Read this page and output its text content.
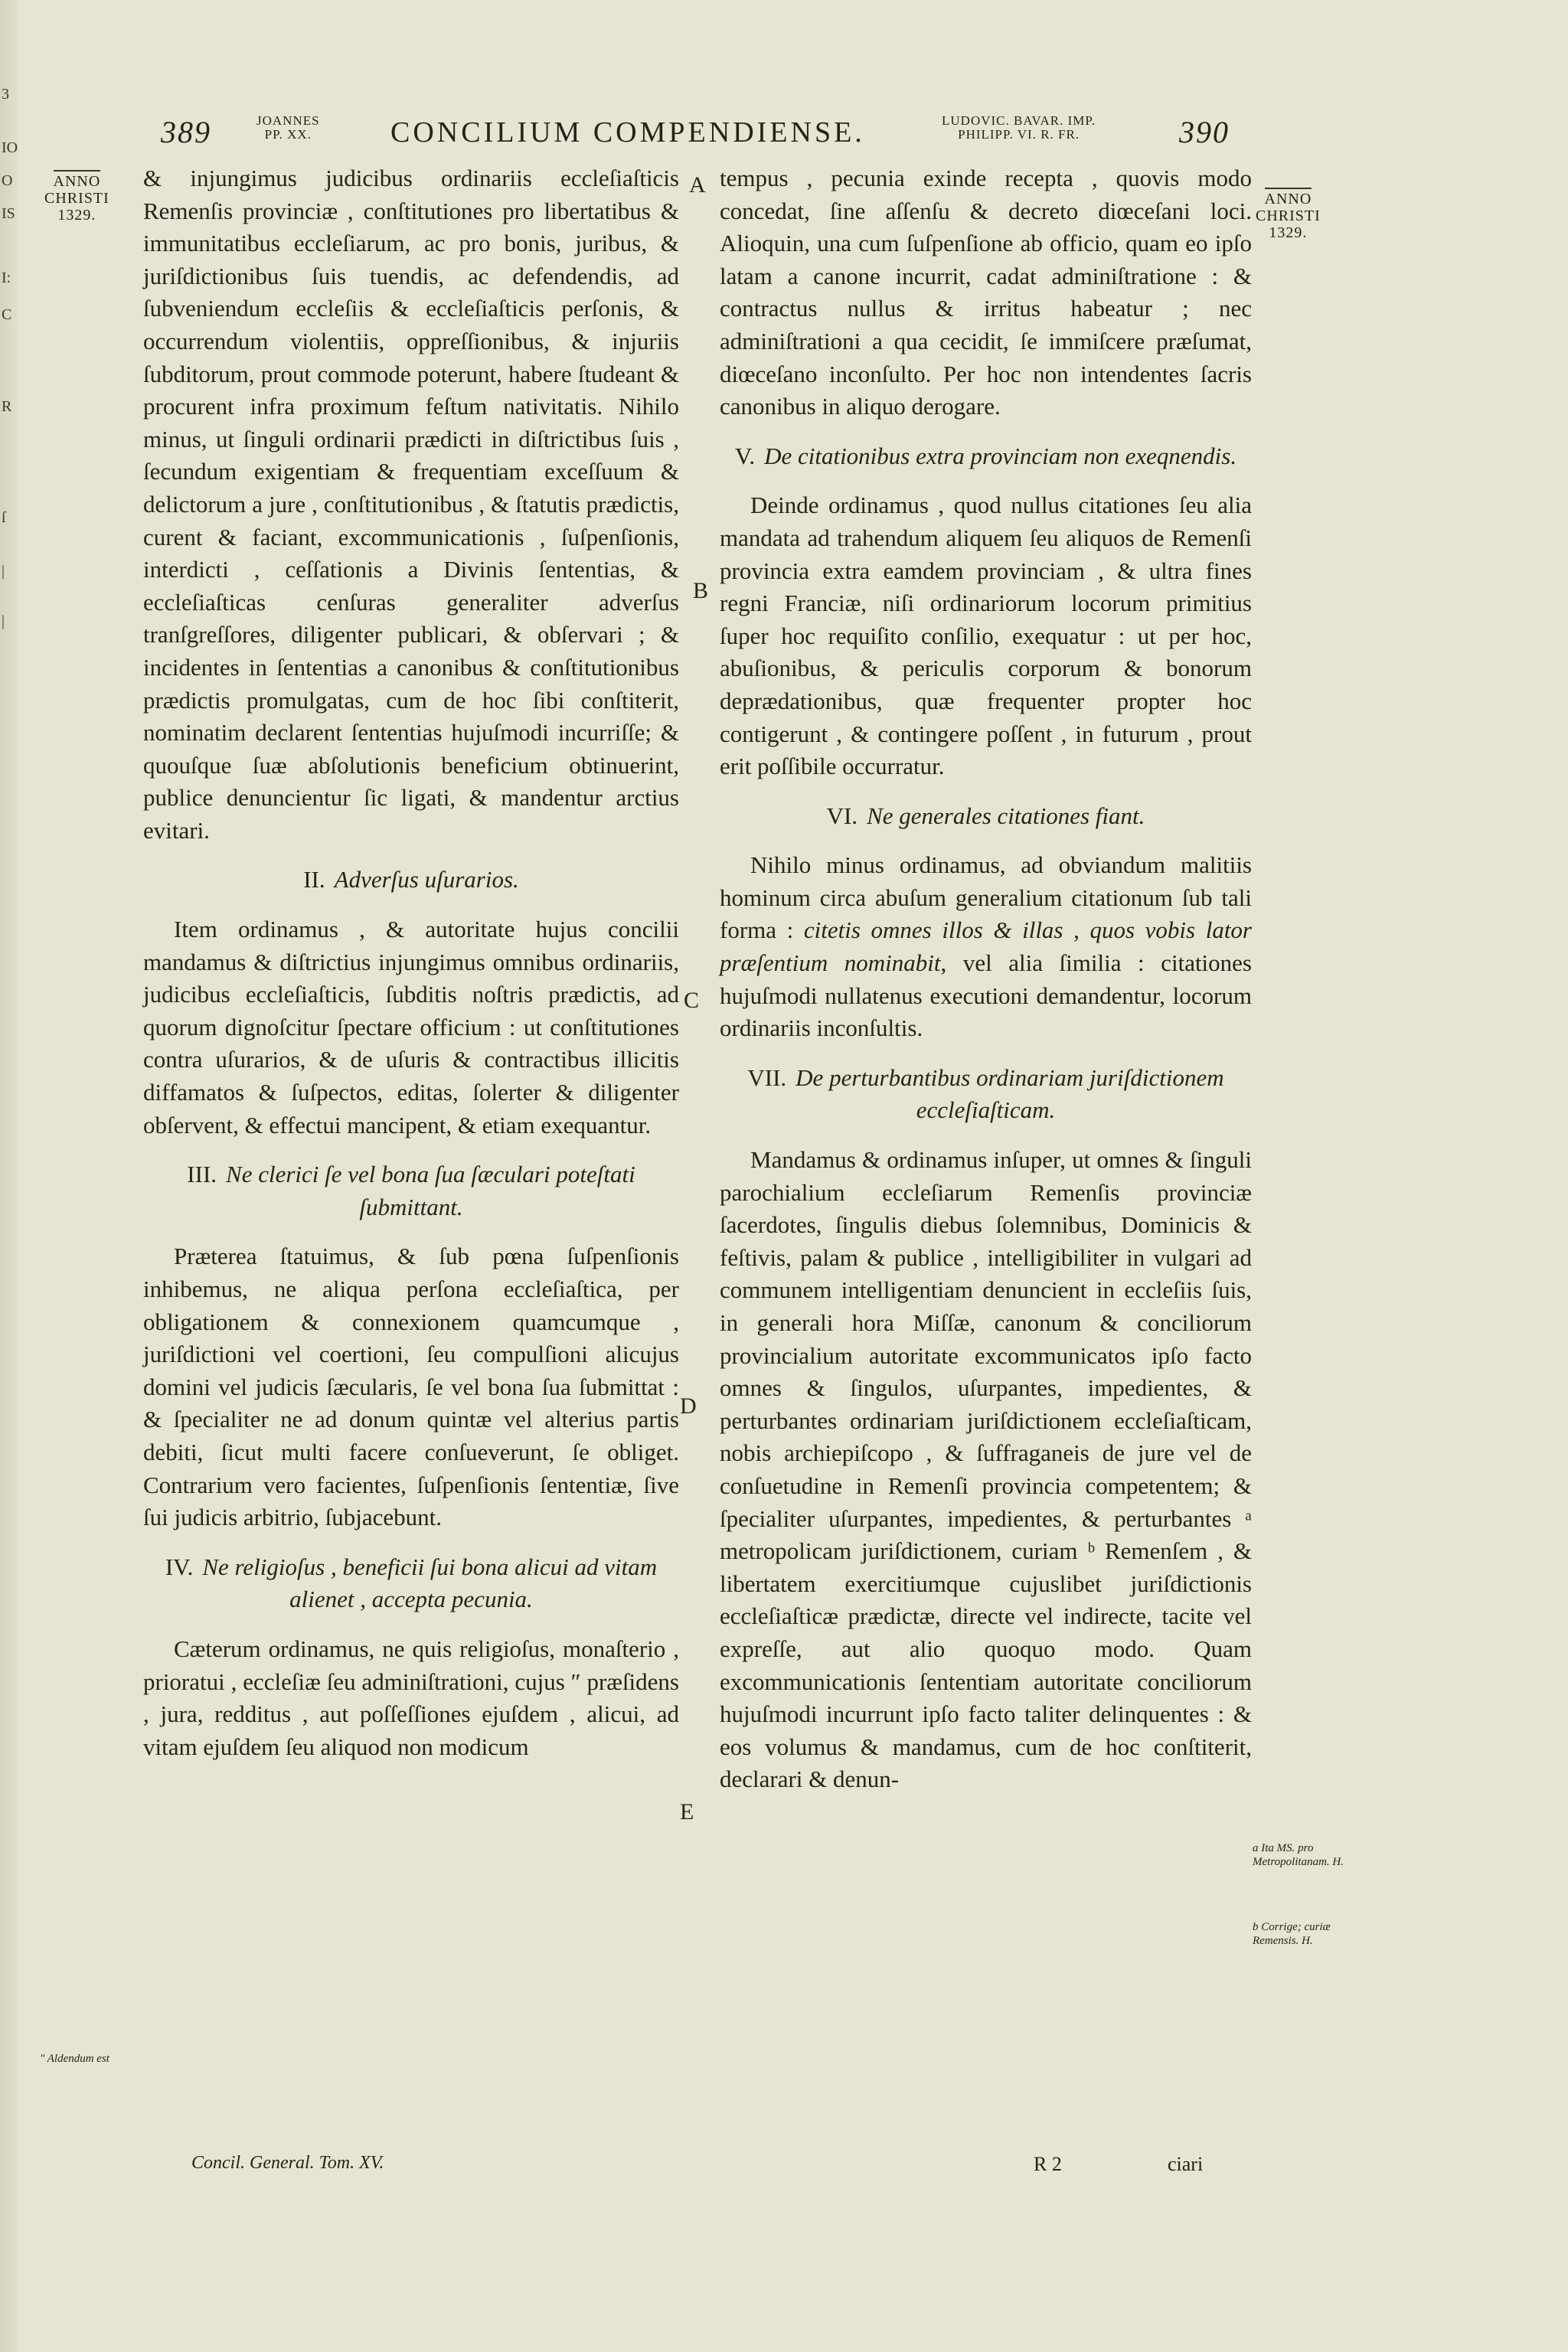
3
IO
O
IS
I:
C
R
ſ
|
|
389	JOANNES
PP. XX.	CONCILIUM COMPENDIENSE.	LUDOVIC. BAVAR. IMP.
PHILIPP. VI. R. FR.	390
ANNO
CHRISTI
1329.
ANNO
CHRISTI
1329.

& injungimus judicibus ordinariis eccleſiaſticis Remenſis provinciæ , conſtitutiones pro libertatibus & immunitatibus eccleſiarum, ac pro bonis, juribus, & juriſdictionibus ſuis tuendis, ac defendendis, ad ſubveniendum eccleſiis & eccleſiaſticis perſonis, & occurrendum violentiis, oppreſſionibus, & injuriis ſubditorum, prout commode poterunt, habere ſtudeant & procurent infra proximum feſtum nativitatis. Nihilo minus, ut ſinguli ordinarii prædicti in diſtrictibus ſuis , ſecundum exigentiam & frequentiam exceſſuum & delictorum a jure , conſtitutionibus , & ſtatutis prædictis, curent & faciant, excommunicationis , ſuſpenſionis, interdicti , ceſſationis a Divinis ſententias, & eccleſiaſticas cenſuras generaliter adverſus tranſgreſſores, diligenter publicari, & obſervari ; & incidentes in ſententias a canonibus & conſtitutionibus prædictis promulgatas, cum de hoc ſibi conſtiterit, nominatim declarent ſententias hujuſmodi incurriſſe; & quouſque ſuæ abſolutionis beneficium obtinuerint, publice denuncientur ſic ligati, & mandentur arctius evitari.

II. Adverſus uſurarios.

Item ordinamus , & autoritate hujus concilii mandamus & diſtrictius injungimus omnibus ordinariis, judicibus eccleſiaſticis, ſubditis noſtris prædictis, ad quorum dignoſcitur ſpectare officium : ut conſtitutiones contra uſurarios, & de uſuris & contractibus illicitis diffamatos & ſuſpectos, editas, ſolerter & diligenter obſervent, & effectui mancipent, & etiam exequantur.

III. Ne clerici ſe vel bona ſua ſæculari poteſtati ſubmittant.

Præterea ſtatuimus, & ſub pœna ſuſpenſionis inhibemus, ne aliqua perſona eccleſiaſtica, per obligationem & connexionem quamcumque , juriſdictioni vel coertioni, ſeu compulſioni alicujus domini vel judicis ſæcularis, ſe vel bona ſua ſubmittat : & ſpecialiter ne ad donum quintæ vel alterius partis debiti, ſicut multi facere conſueverunt, ſe obliget. Contrarium vero facientes, ſuſpenſionis ſententiæ, ſive ſui judicis arbitrio, ſubjacebunt.

IV. Ne religioſus , beneficii ſui bona alicui ad vitam alienet , accepta pecunia.

Cæterum ordinamus, ne quis religioſus, monaſterio , prioratui , eccleſiæ ſeu adminiſtrationi, cujus ″ præſidens , jura, redditus , aut poſſeſſiones ejuſdem , alicui, ad vitam ejuſdem ſeu aliquod non modicum

tempus , pecunia exinde recepta , quovis modo concedat, ſine aſſenſu & decreto diœceſani loci. Alioquin, una cum ſuſpenſione ab officio, quam eo ipſo latam a canone incurrit, cadat adminiſtratione : & contractus nullus & irritus habeatur ; nec adminiſtrationi a qua cecidit, ſe immiſcere præſumat, diœceſano inconſulto. Per hoc non intendentes ſacris canonibus in aliquo derogare.

V. De citationibus extra provinciam non exeqnendis.

Deinde ordinamus , quod nullus citationes ſeu alia mandata ad trahendum aliquem ſeu aliquos de Remenſi provincia extra eamdem provinciam , & ultra fines regni Franciæ, niſi ordinariorum locorum primitius ſuper hoc requiſito conſilio, exequatur : ut per hoc, abuſionibus, & periculis corporum & bonorum deprædationibus, quæ frequenter propter hoc contigerunt , & contingere poſſent , in futurum , prout erit poſſibile occurratur.

VI. Ne generales citationes fiant.

Nihilo minus ordinamus, ad obviandum malitiis hominum circa abuſum generalium citationum ſub tali forma : citetis omnes illos & illas , quos vobis lator præſentium nominabit, vel alia ſimilia : citationes hujuſmodi nullatenus executioni demandentur, locorum ordinariis inconſultis.

VII. De perturbantibus ordinariam juriſdictionem eccleſiaſticam.

Mandamus & ordinamus inſuper, ut omnes & ſinguli parochialium eccleſiarum Remenſis provinciæ ſacerdotes, ſingulis diebus ſolemnibus, Dominicis & feſtivis, palam & publice , intelligibiliter in vulgari ad communem intelligentiam denuncient in eccleſiis ſuis, in generali hora Miſſæ, canonum & conciliorum provincialium autoritate excommunicatos ipſo facto omnes & ſingulos, uſurpantes, impedientes, & perturbantes ordinariam juriſdictionem eccleſiaſticam, nobis archiepiſcopo , & ſuffraganeis de jure vel de conſuetudine in Remenſi provincia competentem; & ſpecialiter uſurpantes, impedientes, & perturbantes ᵃ metropolicam juriſdictionem, curiam ᵇ Remenſem , & libertatem exercitiumque cujuslibet juriſdictionis eccleſiaſticæ prædictæ, directe vel indirecte, tacite vel expreſſe, aut alio quoquo modo. Quam excommunicationis ſententiam autoritate conciliorum hujuſmodi incurrunt ipſo facto taliter delinquentes : & eos volumus & mandamus, cum de hoc conſtiterit, declarari & denun-

A
B
C
D
E
″ Aldendum est
a Ita MS. pro Metropolitanam. H.
b Corrige; curiæ Remensis. H.
Concil. General. Tom. XV.	R 2	ciari
